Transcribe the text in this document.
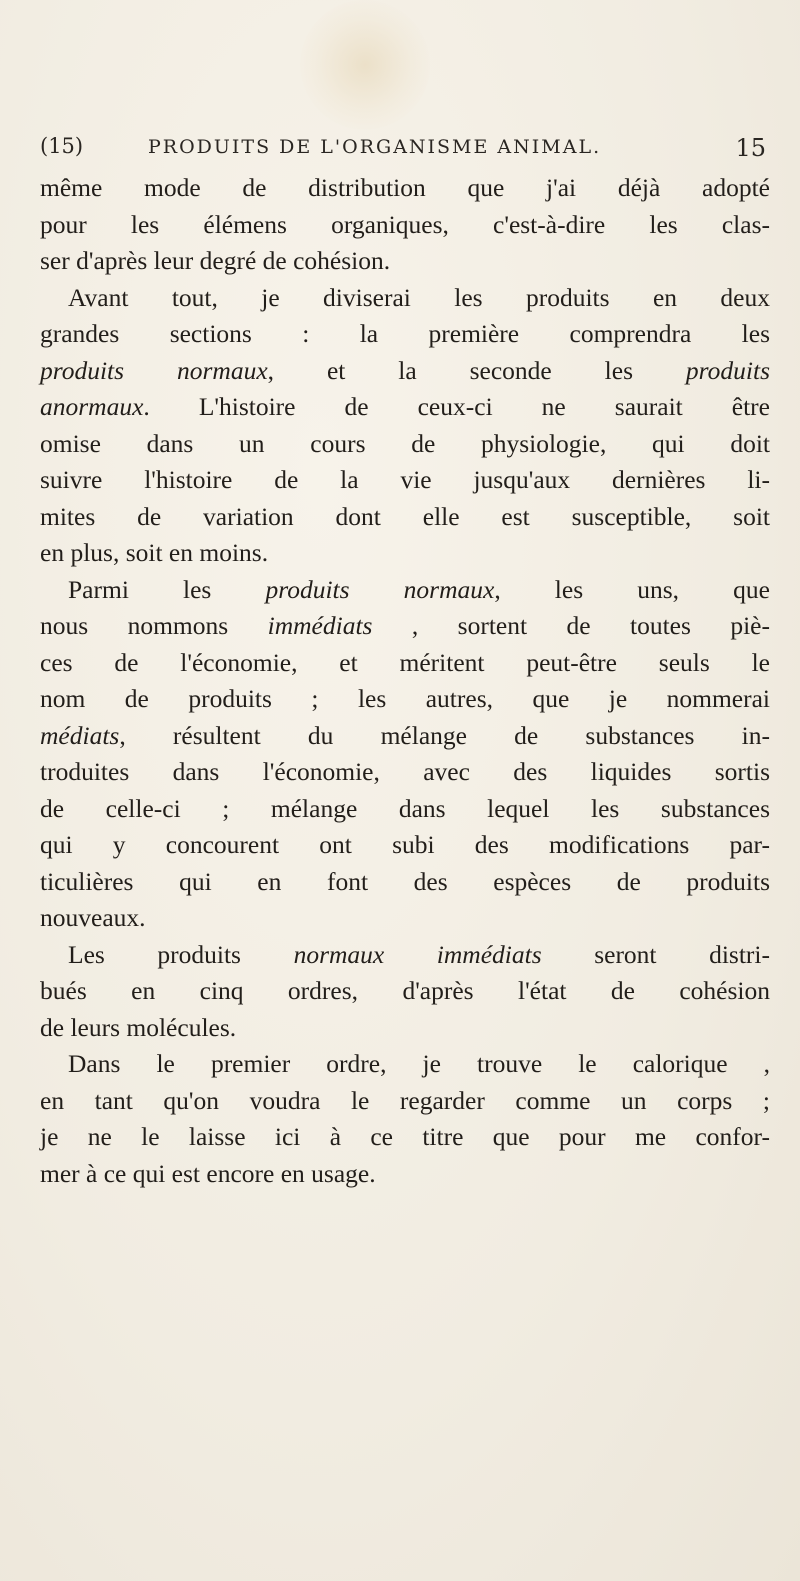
(15)	PRODUITS DE L'ORGANISME ANIMAL.	15
même mode de distribution que j'ai déjà adopté
pour les élémens organiques, c'est-à-dire les clas-
ser d'après leur degré de cohésion.
Avant tout, je diviserai les produits en deux
grandes sections : la première comprendra les
produits normaux, et la seconde les produits
anormaux. L'histoire de ceux-ci ne saurait être
omise dans un cours de physiologie, qui doit
suivre l'histoire de la vie jusqu'aux dernières li-
mites de variation dont elle est susceptible, soit
en plus, soit en moins.
Parmi les produits normaux, les uns, que
nous nommons immédiats , sortent de toutes piè-
ces de l'économie, et méritent peut-être seuls le
nom de produits ; les autres, que je nommerai
médiats, résultent du mélange de substances in-
troduites dans l'économie, avec des liquides sortis
de celle-ci ; mélange dans lequel les substances
qui y concourent ont subi des modifications par-
ticulières qui en font des espèces de produits
nouveaux.
Les produits normaux immédiats seront distri-
bués en cinq ordres, d'après l'état de cohésion
de leurs molécules.
Dans le premier ordre, je trouve le calorique ,
en tant qu'on voudra le regarder comme un corps ;
je ne le laisse ici à ce titre que pour me confor-
mer à ce qui est encore en usage.
